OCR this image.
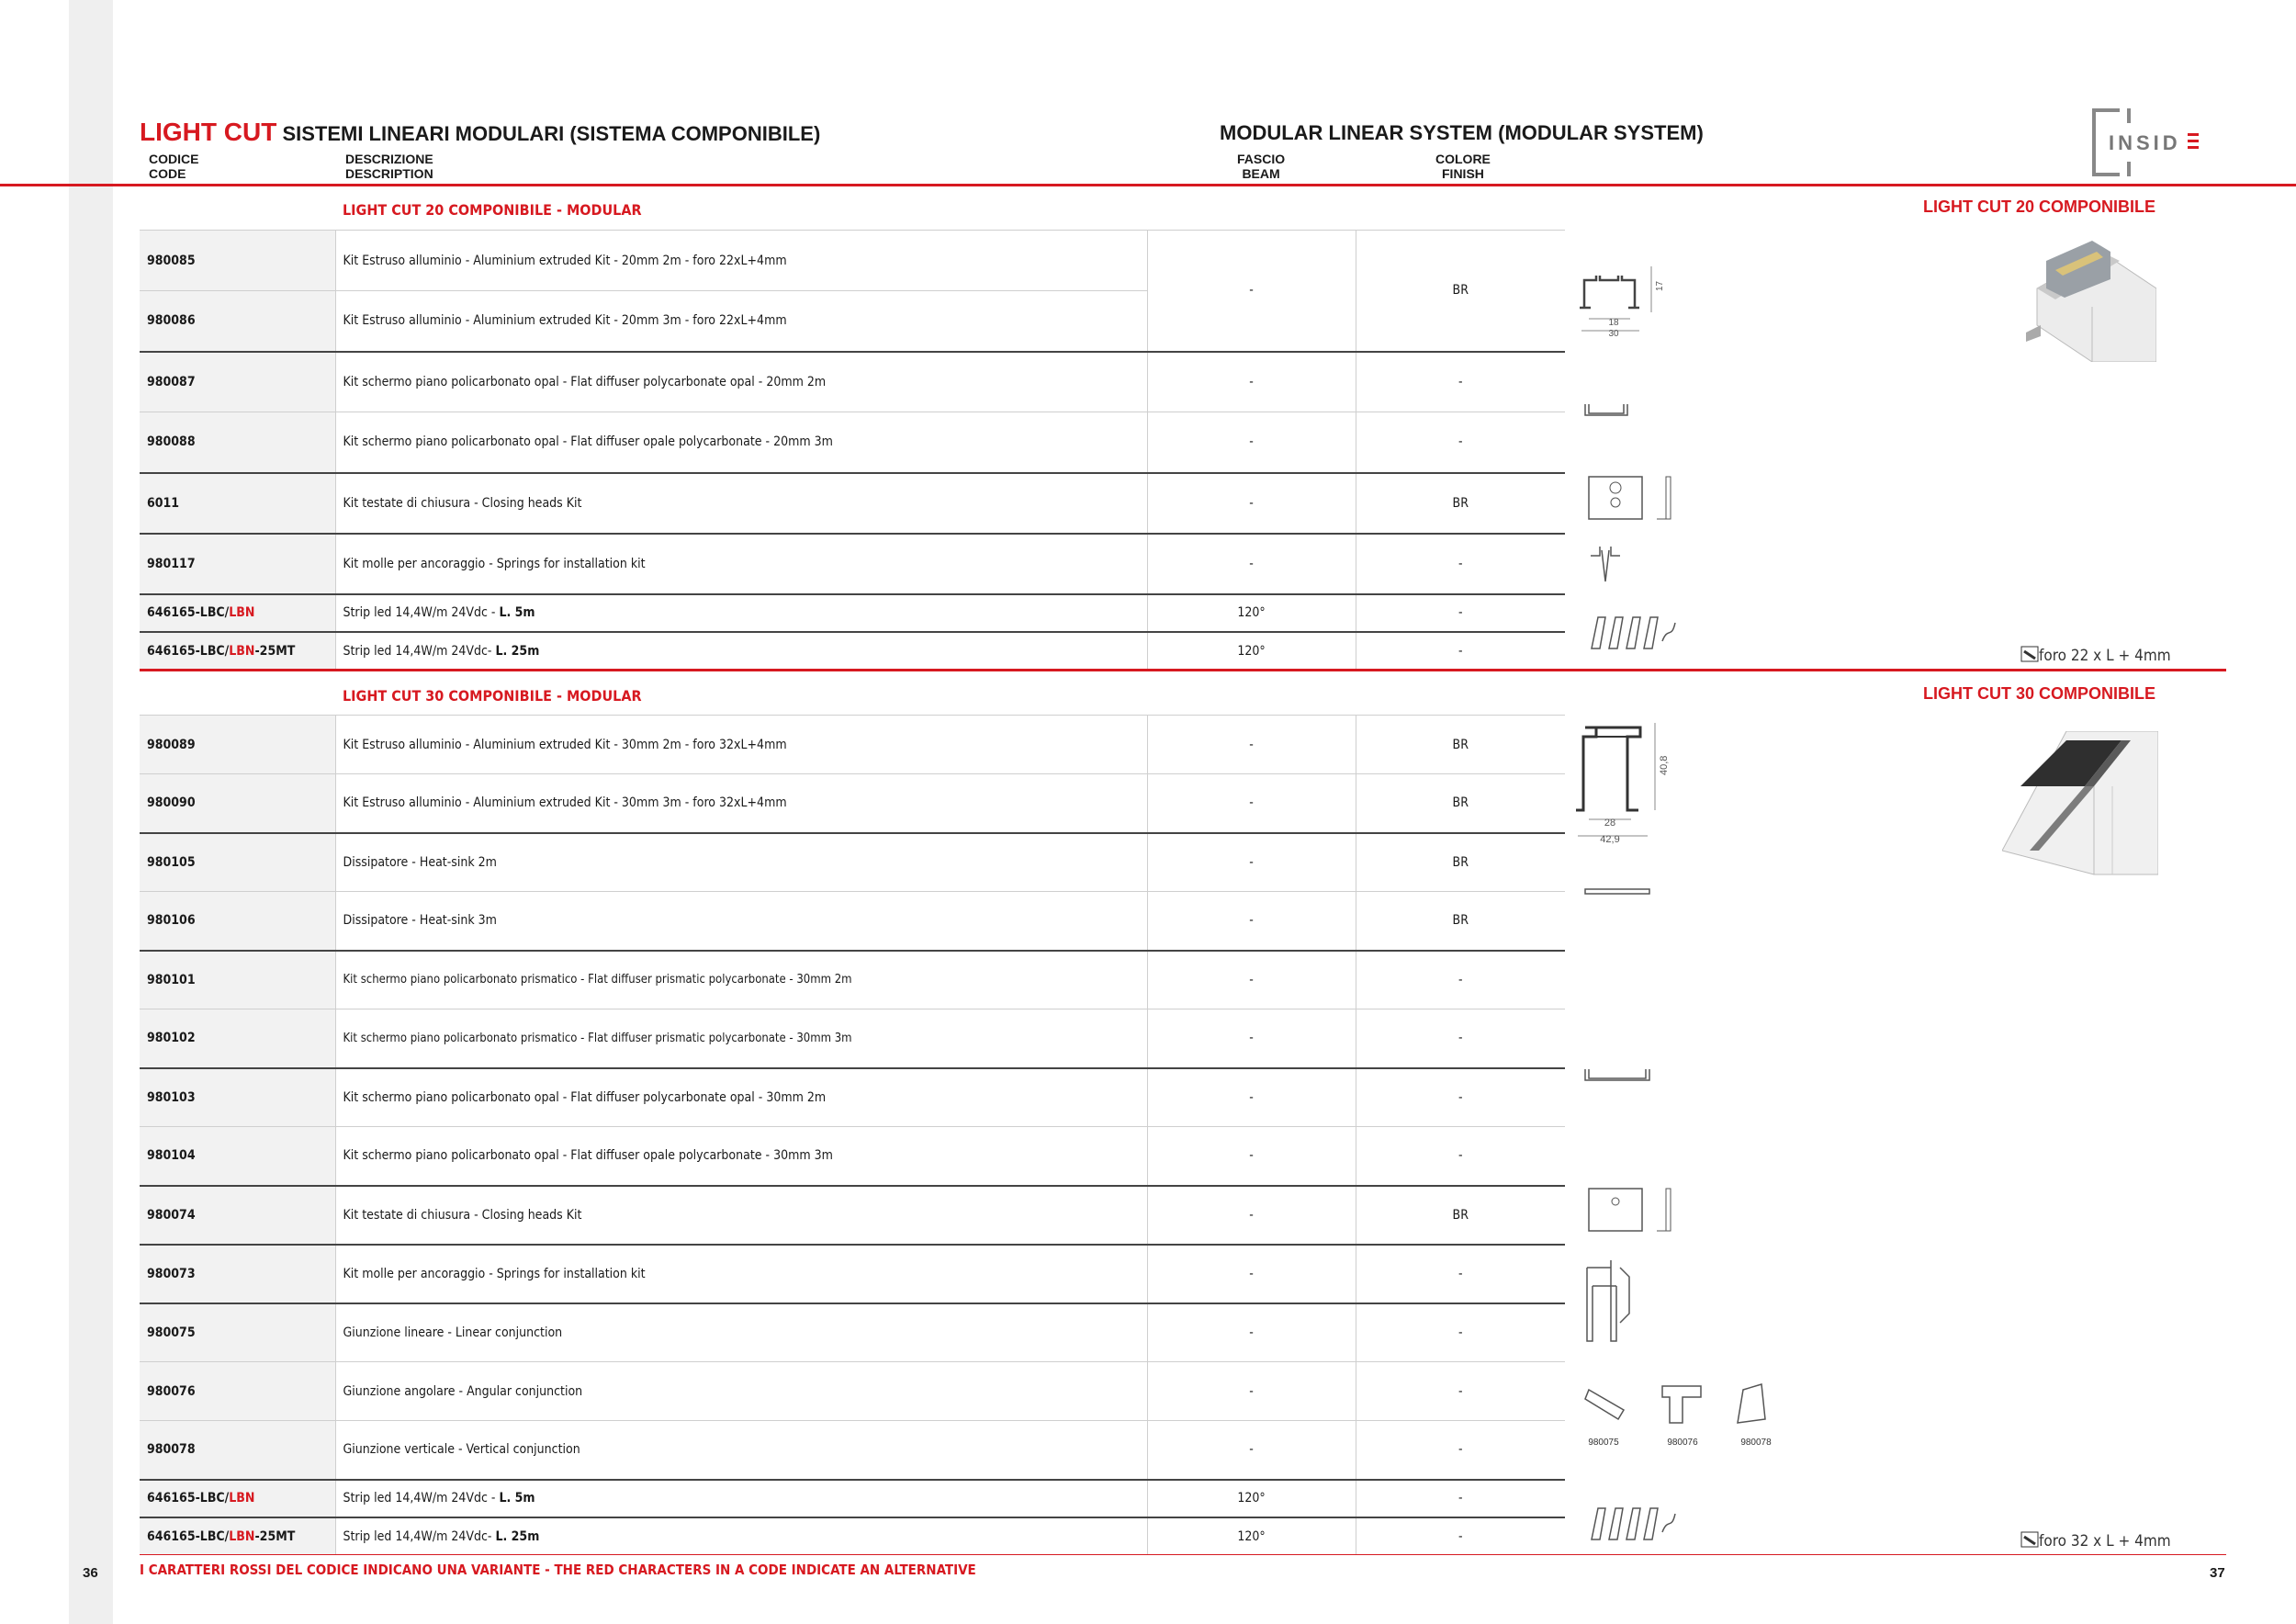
LIGHT CUT SISTEMI LINEARI MODULARI (SISTEMA COMPONIBILE)	MODULAR LINEAR SYSTEM (MODULAR SYSTEM)
CODICE
CODE
DESCRIZIONE
DESCRIPTION
FASCIO
BEAM
COLORE
FINISH
INSID
LIGHT CUT 20 COMPONIBILE - MODULAR	LIGHT CUT 20 COMPONIBILE
980085	Kit Estruso alluminio - Aluminium extruded Kit - 20mm 2m - foro 22xL+4mm	-	BR
980086	Kit Estruso alluminio - Aluminium extruded Kit - 20mm 3m - foro 22xL+4mm		
980087	Kit schermo piano policarbonato opal - Flat diffuser polycarbonate opal - 20mm 2m	-	-
980088	Kit schermo piano policarbonato opal - Flat diffuser opale polycarbonate - 20mm 3m	-	-
6011	Kit testate di chiusura - Closing heads Kit	-	BR
980117	Kit molle per ancoraggio - Springs for installation kit	-	-
646165-LBC/LBN	Strip led 14,4W/m 24Vdc - L. 5m	120°	-
646165-LBC/LBN-25MT	Strip led 14,4W/m 24Vdc- L. 25m	120°	-
18
30
17
foro 22 x L + 4mm
LIGHT CUT 30 COMPONIBILE - MODULAR	LIGHT CUT 30 COMPONIBILE
980089	Kit Estruso alluminio - Aluminium extruded Kit - 30mm 2m - foro 32xL+4mm	-	BR
980090	Kit Estruso alluminio - Aluminium extruded Kit - 30mm 3m - foro 32xL+4mm	-	BR
980105	Dissipatore - Heat-sink 2m	-	BR
980106	Dissipatore - Heat-sink 3m	-	BR
980101	Kit schermo piano policarbonato prismatico - Flat diffuser prismatic polycarbonate - 30mm 2m	-	-
980102	Kit schermo piano policarbonato prismatico - Flat diffuser prismatic polycarbonate - 30mm 3m	-	-
980103	Kit schermo piano policarbonato opal - Flat diffuser polycarbonate opal - 30mm 2m	-	-
980104	Kit schermo piano policarbonato opal - Flat diffuser opale polycarbonate - 30mm 3m	-	-
980074	Kit testate di chiusura - Closing heads Kit	-	BR
980073	Kit molle per ancoraggio - Springs for installation kit	-	-
980075	Giunzione lineare - Linear conjunction	-	-
980076	Giunzione angolare - Angular conjunction	-	-
980078	Giunzione verticale - Vertical conjunction	-	-
646165-LBC/LBN	Strip led 14,4W/m 24Vdc - L. 5m	120°	-
646165-LBC/LBN-25MT	Strip led 14,4W/m 24Vdc- L. 25m	120°	-
28
42,9
40,8
980075	980076	980078
foro 32 x L + 4mm
I CARATTERI ROSSI DEL CODICE INDICANO UNA VARIANTE - THE RED CHARACTERS IN A CODE INDICATE AN ALTERNATIVE
36	37
